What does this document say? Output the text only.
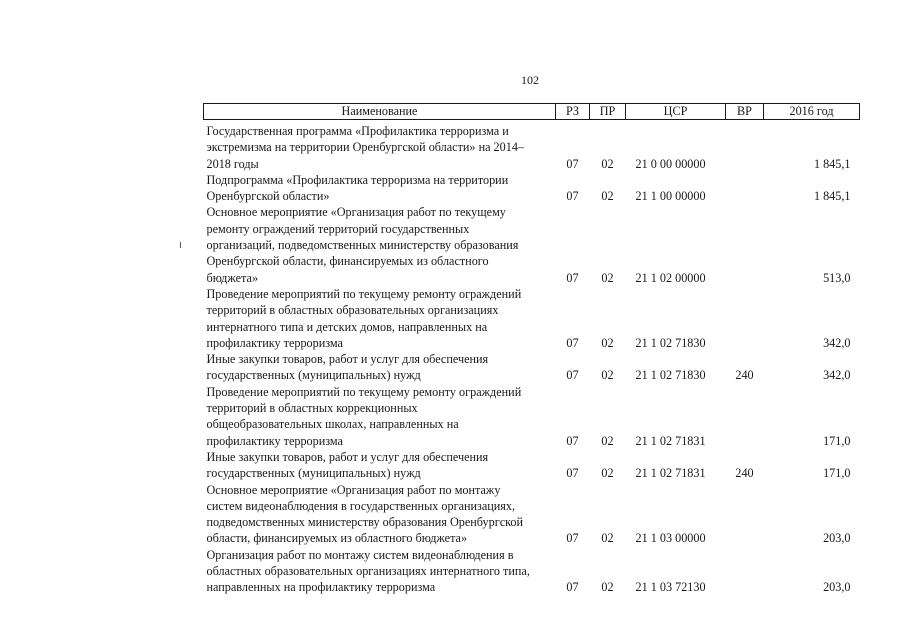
102
Наименование	РЗ	ПР	ЦСР	ВР	2016 год

Государственная программа «Профилактика терроризма и
экстремизма на территории Оренбургской области» на 2014–
2018 годы	07	02	21 0 00 00000		1 845,1

Подпрограмма «Профилактика терроризма на территории
Оренбургской области»	07	02	21 1 00 00000		1 845,1

Основное мероприятие «Организация работ по текущему
ремонту ограждений территорий государственных
организаций, подведомственных министерству образования
Оренбургской области, финансируемых из областного
бюджета»	07	02	21 1 02 00000		513,0

Проведение мероприятий по текущему ремонту ограждений
территорий в областных образовательных организациях
интернатного типа и детских домов, направленных на
профилактику терроризма	07	02	21 1 02 71830		342,0

Иные закупки товаров, работ и услуг для обеспечения
государственных (муниципальных) нужд	07	02	21 1 02 71830	240	342,0

Проведение мероприятий по текущему ремонту ограждений
территорий в областных коррекционных
общеобразовательных школах, направленных на
профилактику терроризма	07	02	21 1 02 71831		171,0

Иные закупки товаров, работ и услуг для обеспечения
государственных (муниципальных) нужд	07	02	21 1 02 71831	240	171,0

Основное мероприятие «Организация работ по монтажу
систем видеонаблюдения в государственных организациях,
подведомственных министерству образования Оренбургской
области, финансируемых из областного бюджета»	07	02	21 1 03 00000		203,0

Организация работ по монтажу систем видеонаблюдения в
областных образовательных организациях интернатного типа,
направленных на профилактику терроризма	07	02	21 1 03 72130		203,0
